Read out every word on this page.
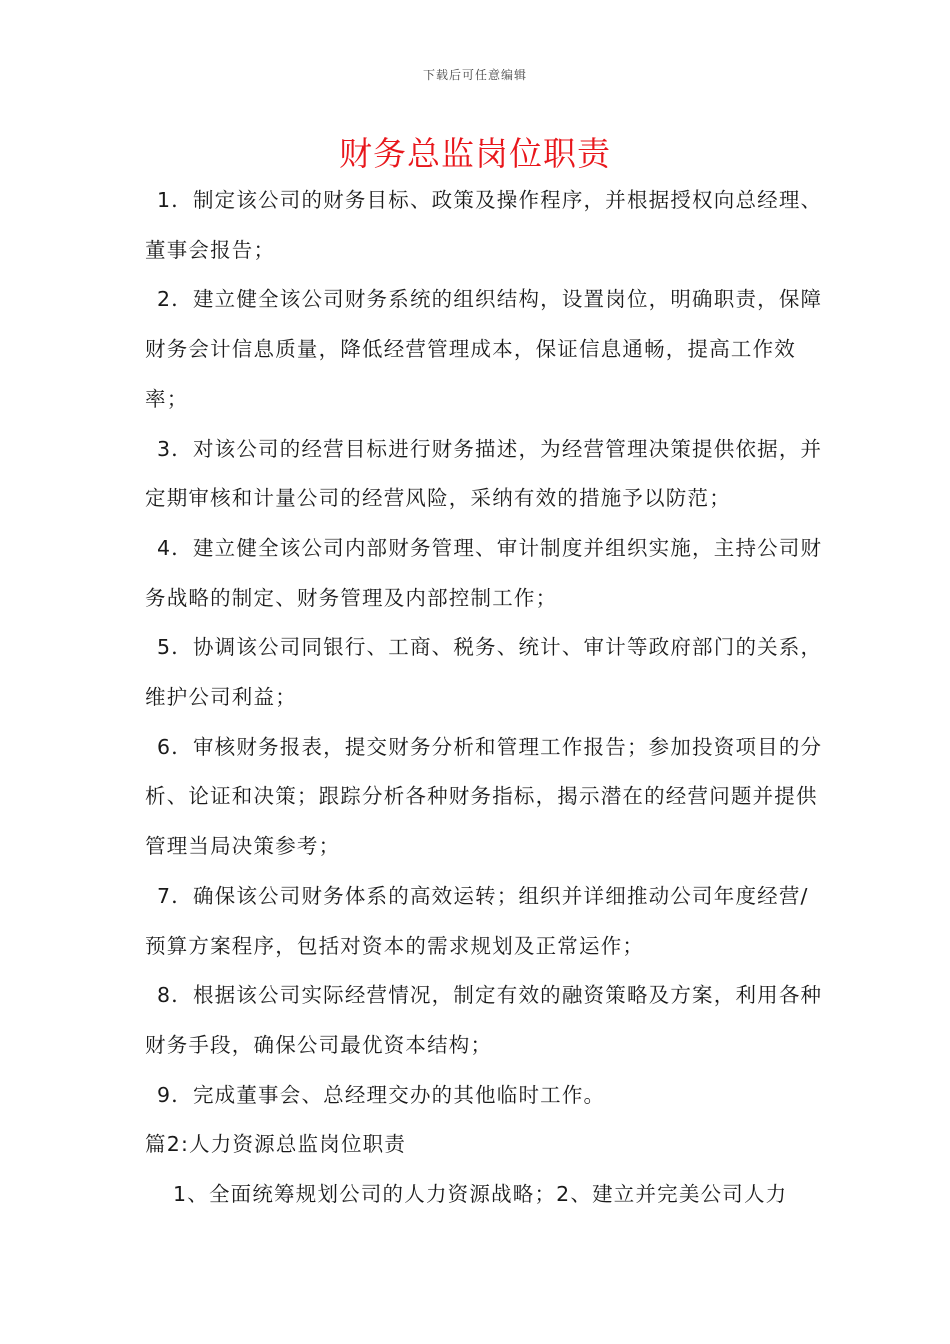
下载后可任意编辑
财务总监岗位职责

1．制定该公司的财务目标、政策及操作程序，并根据授权向总经理、董事会报告；

2．建立健全该公司财务系统的组织结构，设置岗位，明确职责，保障财务会计信息质量，降低经营管理成本，保证信息通畅，提高工作效率；

3．对该公司的经营目标进行财务描述，为经营管理决策提供依据，并定期审核和计量公司的经营风险，采纳有效的措施予以防范；

4．建立健全该公司内部财务管理、审计制度并组织实施，主持公司财务战略的制定、财务管理及内部控制工作；

5．协调该公司同银行、工商、税务、统计、审计等政府部门的关系，维护公司利益；

6．审核财务报表，提交财务分析和管理工作报告；参加投资项目的分析、论证和决策；跟踪分析各种财务指标，揭示潜在的经营问题并提供管理当局决策参考；

7．确保该公司财务体系的高效运转；组织并详细推动公司年度经营/预算方案程序，包括对资本的需求规划及正常运作；

8．根据该公司实际经营情况，制定有效的融资策略及方案，利用各种财务手段，确保公司最优资本结构；

9．完成董事会、总经理交办的其他临时工作。

篇2:人力资源总监岗位职责

1、全面统筹规划公司的人力资源战略；2、建立并完美公司人力
